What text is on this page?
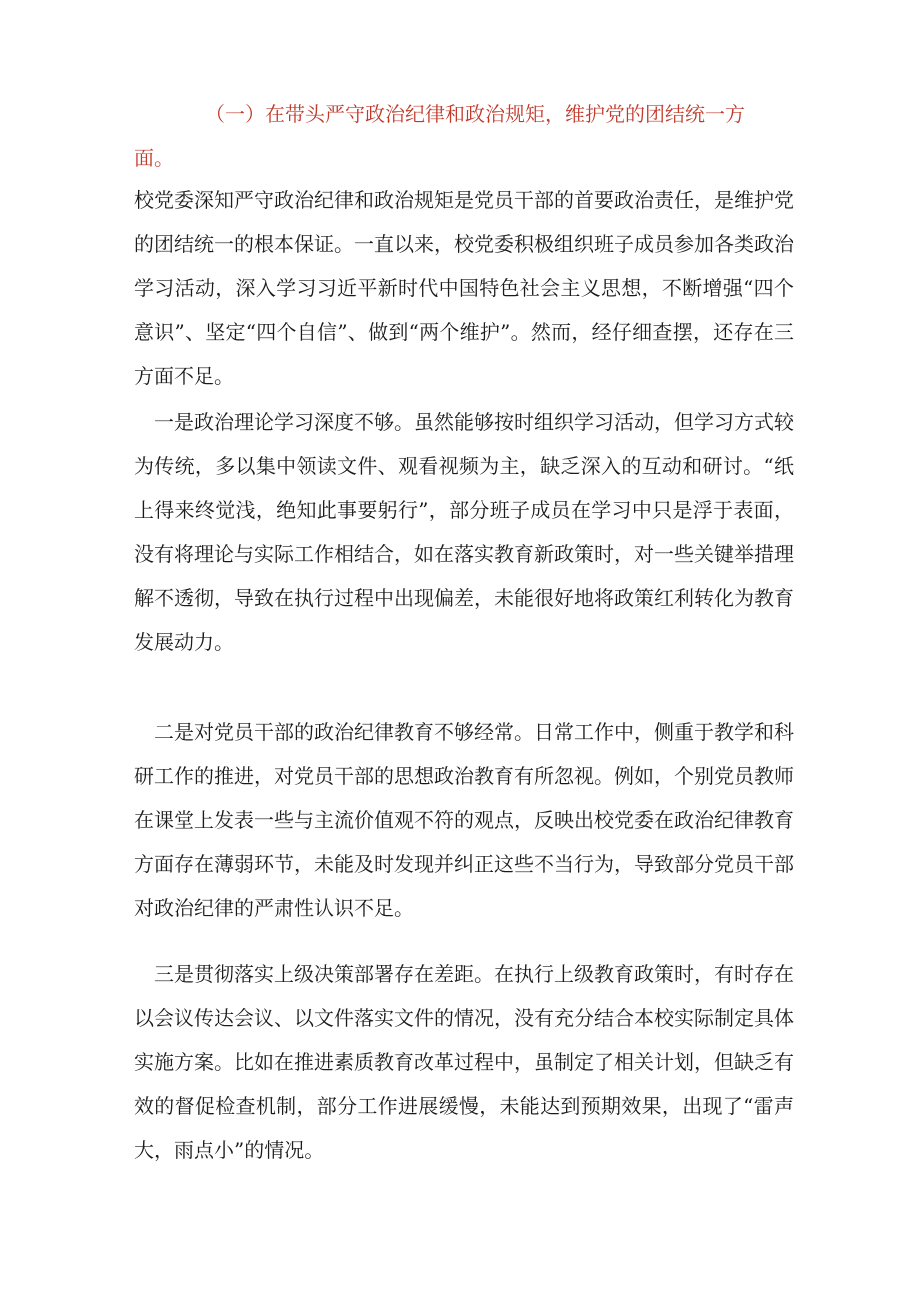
（一）在带头严守政治纪律和政治规矩，维护党的团结统一方
面。

校党委深知严守政治纪律和政治规矩是党员干部的首要政治责任，是维护党的团结统一的根本保证。一直以来，校党委积极组织班子成员参加各类政治学习活动，深入学习习近平新时代中国特色社会主义思想，不断增强“四个意识”、坚定“四个自信”、做到“两个维护”。然而，经仔细查摆，还存在三方面不足。

一是政治理论学习深度不够。虽然能够按时组织学习活动，但学习方式较为传统，多以集中领读文件、观看视频为主，缺乏深入的互动和研讨。“纸上得来终觉浅，绝知此事要躬行”，部分班子成员在学习中只是浮于表面，没有将理论与实际工作相结合，如在落实教育新政策时，对一些关键举措理解不透彻，导致在执行过程中出现偏差，未能很好地将政策红利转化为教育发展动力。

二是对党员干部的政治纪律教育不够经常。日常工作中，侧重于教学和科研工作的推进，对党员干部的思想政治教育有所忽视。例如，个别党员教师在课堂上发表一些与主流价值观不符的观点，反映出校党委在政治纪律教育方面存在薄弱环节，未能及时发现并纠正这些不当行为，导致部分党员干部对政治纪律的严肃性认识不足。

三是贯彻落实上级决策部署存在差距。在执行上级教育政策时，有时存在以会议传达会议、以文件落实文件的情况，没有充分结合本校实际制定具体实施方案。比如在推进素质教育改革过程中，虽制定了相关计划，但缺乏有效的督促检查机制，部分工作进展缓慢，未能达到预期效果，出现了“雷声大，雨点小”的情况。
